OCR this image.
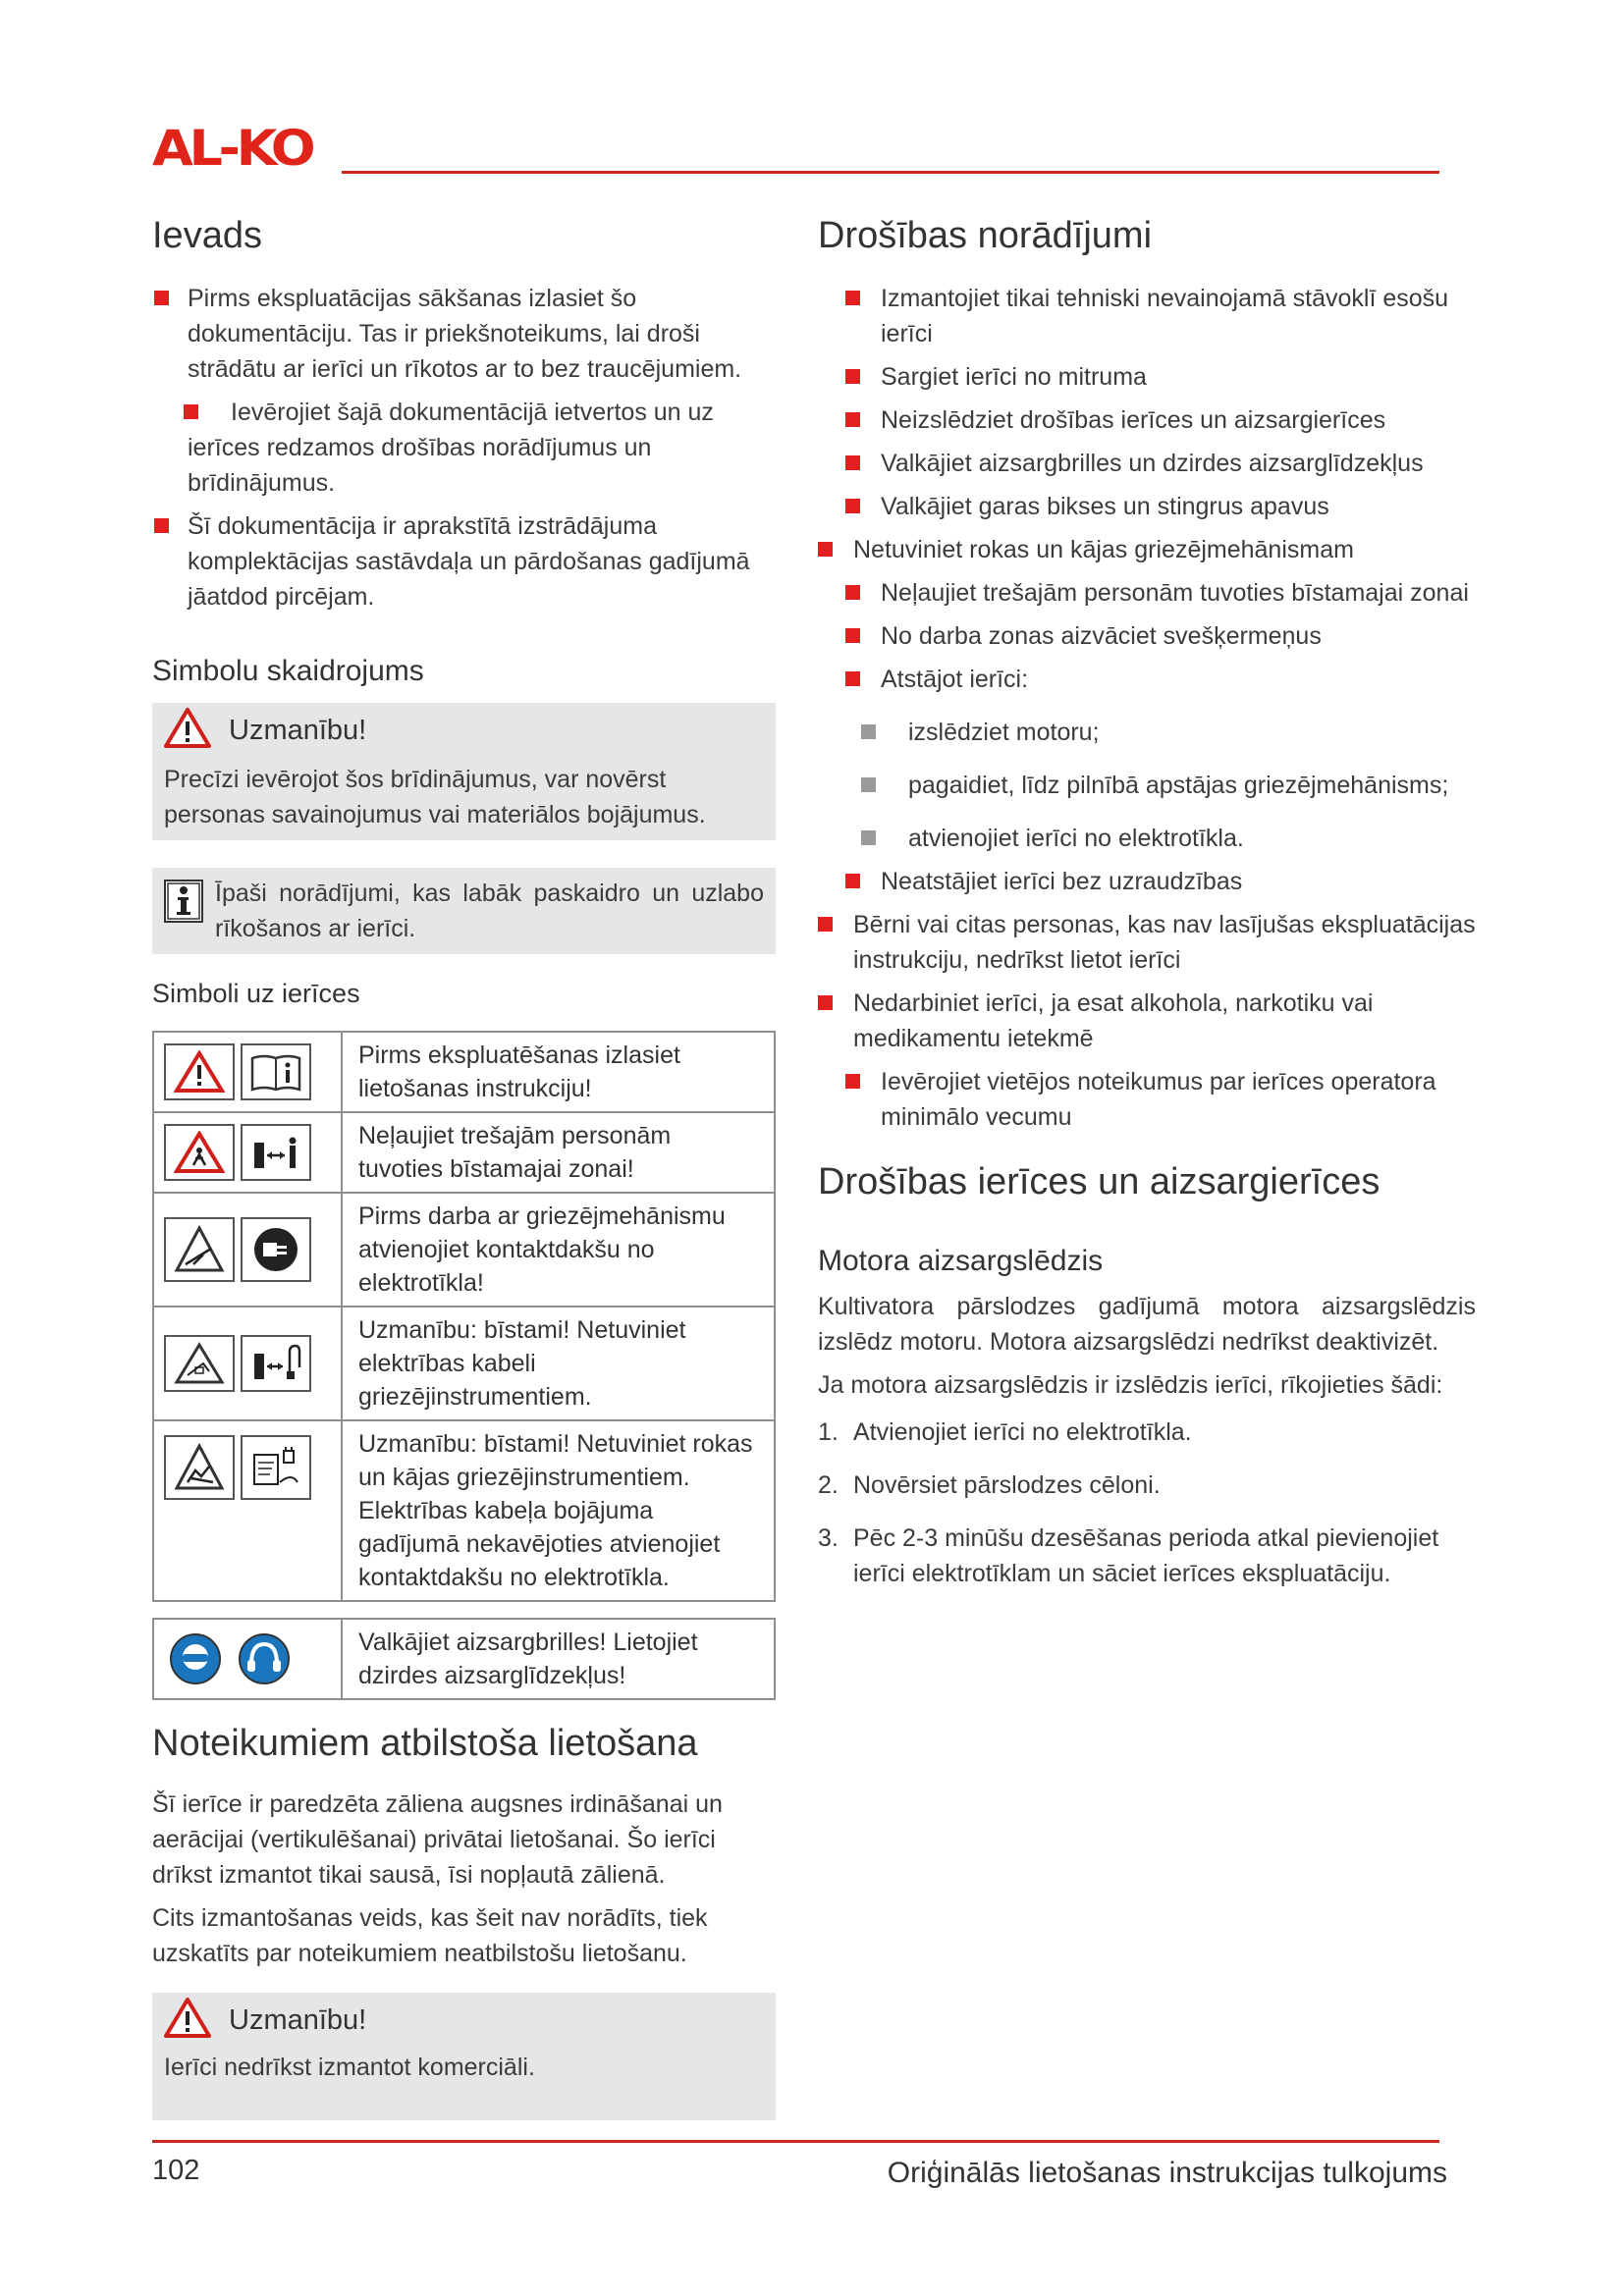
AL-KO
Ievads
Pirms ekspluatācijas sākšanas izlasiet šo dokumentāciju. Tas ir priekšnoteikums, lai droši strādātu ar ierīci un rīkotos ar to bez traucējumiem.
Ievērojiet šajā dokumentācijā ietvertos un uz ierīces redzamos drošības norādījumus un brīdinājumus.
Šī dokumentācija ir aprakstītā izstrādājuma komplektācijas sastāvdaļa un pārdošanas gadījumā jāatdod pircējam.
Simbolu skaidrojums
Uzmanību!
Precīzi ievērojot šos brīdinājumus, var novērst personas savainojumus vai materiālos bojājumus.
Īpaši norādījumi, kas labāk paskaidro un uzlabo rīkošanos ar ierīci.
Simboli uz ierīces
	Pirms ekspluatēšanas izlasiet lietošanas instrukciju!

	Neļaujiet trešajām personām tuvoties bīstamajai zonai!

	Pirms darba ar griezējmehānismu atvienojiet kontaktdakšu no elektrotīkla!

	Uzmanību: bīstami! Netuviniet elektrības kabeli griezējinstrumentiem.

	Uzmanību: bīstami! Netuviniet rokas un kājas griezējinstrumentiem. Elektrības kabeļa bojājuma gadījumā nekavējoties atvienojiet kontaktdakšu no elektrotīkla.
	Valkājiet aizsargbrilles! Lietojiet dzirdes aizsarglīdzekļus!
Noteikumiem atbilstoša lietošana
Šī ierīce ir paredzēta zāliena augsnes irdināšanai un aerācijai (vertikulēšanai) privātai lietošanai. Šo ierīci drīkst izmantot tikai sausā, īsi nopļautā zālienā.
Cits izmantošanas veids, kas šeit nav norādīts, tiek uzskatīts par noteikumiem neatbilstošu lietošanu.
Uzmanību!
Ierīci nedrīkst izmantot komerciāli.
Drošības norādījumi
Izmantojiet tikai tehniski nevainojamā stāvoklī esošu ierīci
Sargiet ierīci no mitruma
Neizslēdziet drošības ierīces un aizsargierīces
Valkājiet aizsargbrilles un dzirdes aizsarglīdzekļus
Valkājiet garas bikses un stingrus apavus
Netuviniet rokas un kājas griezējmehānismam
Neļaujiet trešajām personām tuvoties bīstamajai zonai
No darba zonas aizvāciet svešķermeņus
Atstājot ierīci:
izslēdziet motoru;
pagaidiet, līdz pilnībā apstājas griezējmehānisms;
atvienojiet ierīci no elektrotīkla.
Neatstājiet ierīci bez uzraudzības
Bērni vai citas personas, kas nav lasījušas ekspluatācijas instrukciju, nedrīkst lietot ierīci
Nedarbiniet ierīci, ja esat alkohola, narkotiku vai medikamentu ietekmē
Ievērojiet vietējos noteikumus par ierīces operatora minimālo vecumu
Drošības ierīces un aizsargierīces
Motora aizsargslēdzis
Kultivatora pārslodzes gadījumā motora aizsargslēdzis izslēdz motoru. Motora aizsargslēdzi nedrīkst deaktivizēt.
Ja motora aizsargslēdzis ir izslēdzis ierīci, rīkojieties šādi:
1. Atvienojiet ierīci no elektrotīkla.
2. Novērsiet pārslodzes cēloni.
3. Pēc 2-3 minūšu dzesēšanas perioda atkal pievienojiet ierīci elektrotīklam un sāciet ierīces ekspluatāciju.
102	Oriģinālās lietošanas instrukcijas tulkojums
